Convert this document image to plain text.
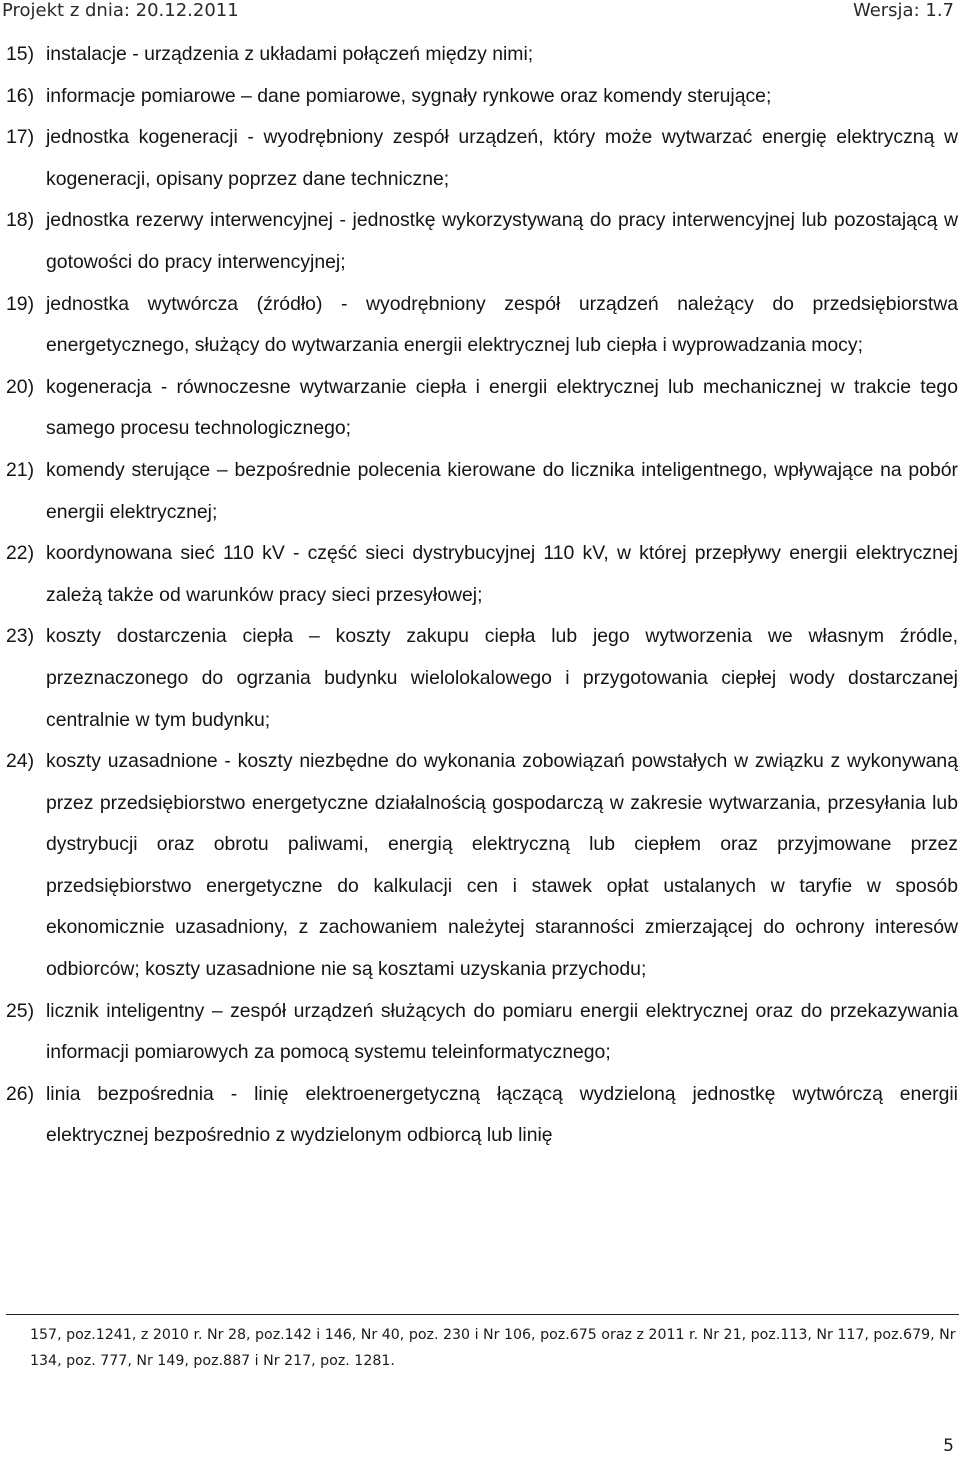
Projekt z dnia: 20.12.2011	Wersja: 1.7
15) instalacje - urządzenia z układami połączeń między nimi;
16) informacje pomiarowe – dane pomiarowe, sygnały rynkowe oraz komendy sterujące;
17) jednostka kogeneracji - wyodrębniony zespół urządzeń, który może wytwarzać energię elektryczną w kogeneracji, opisany poprzez dane techniczne;
18) jednostka rezerwy interwencyjnej - jednostkę wykorzystywaną do pracy interwencyjnej lub pozostającą w gotowości do pracy interwencyjnej;
19) jednostka wytwórcza (źródło) - wyodrębniony zespół urządzeń należący do przedsiębiorstwa energetycznego, służący do wytwarzania energii elektrycznej lub ciepła i wyprowadzania mocy;
20) kogeneracja - równoczesne wytwarzanie ciepła i energii elektrycznej lub mechanicznej w trakcie tego samego procesu technologicznego;
21) komendy sterujące – bezpośrednie polecenia kierowane do licznika inteligentnego, wpływające na pobór energii elektrycznej;
22) koordynowana sieć 110 kV - część sieci dystrybucyjnej 110 kV, w której przepływy energii elektrycznej zależą także od warunków pracy sieci przesyłowej;
23) koszty dostarczenia ciepła – koszty zakupu ciepła lub jego wytworzenia we własnym źródle, przeznaczonego do ogrzania budynku wielolokalowego i przygotowania ciepłej wody dostarczanej centralnie w tym budynku;
24) koszty uzasadnione - koszty niezbędne do wykonania zobowiązań powstałych w związku z wykonywaną przez przedsiębiorstwo energetyczne działalnością gospodarczą w zakresie wytwarzania, przesyłania lub dystrybucji oraz obrotu paliwami, energią elektryczną lub ciepłem oraz przyjmowane przez przedsiębiorstwo energetyczne do kalkulacji cen i stawek opłat ustalanych w taryfie w sposób ekonomicznie uzasadniony, z zachowaniem należytej staranności zmierzającej do ochrony interesów odbiorców; koszty uzasadnione nie są kosztami uzyskania przychodu;
25) licznik inteligentny – zespół urządzeń służących do pomiaru energii elektrycznej oraz do przekazywania informacji pomiarowych za pomocą systemu teleinformatycznego;
26) linia bezpośrednia - linię elektroenergetyczną łączącą wydzieloną jednostkę wytwórczą energii elektrycznej bezpośrednio z wydzielonym odbiorcą lub linię
157, poz.1241, z 2010 r. Nr 28, poz.142 i 146, Nr 40, poz. 230 i Nr 106, poz.675 oraz z 2011 r. Nr 21, poz.113, Nr 117, poz.679, Nr 134, poz. 777, Nr 149, poz.887 i Nr 217, poz. 1281.
5
